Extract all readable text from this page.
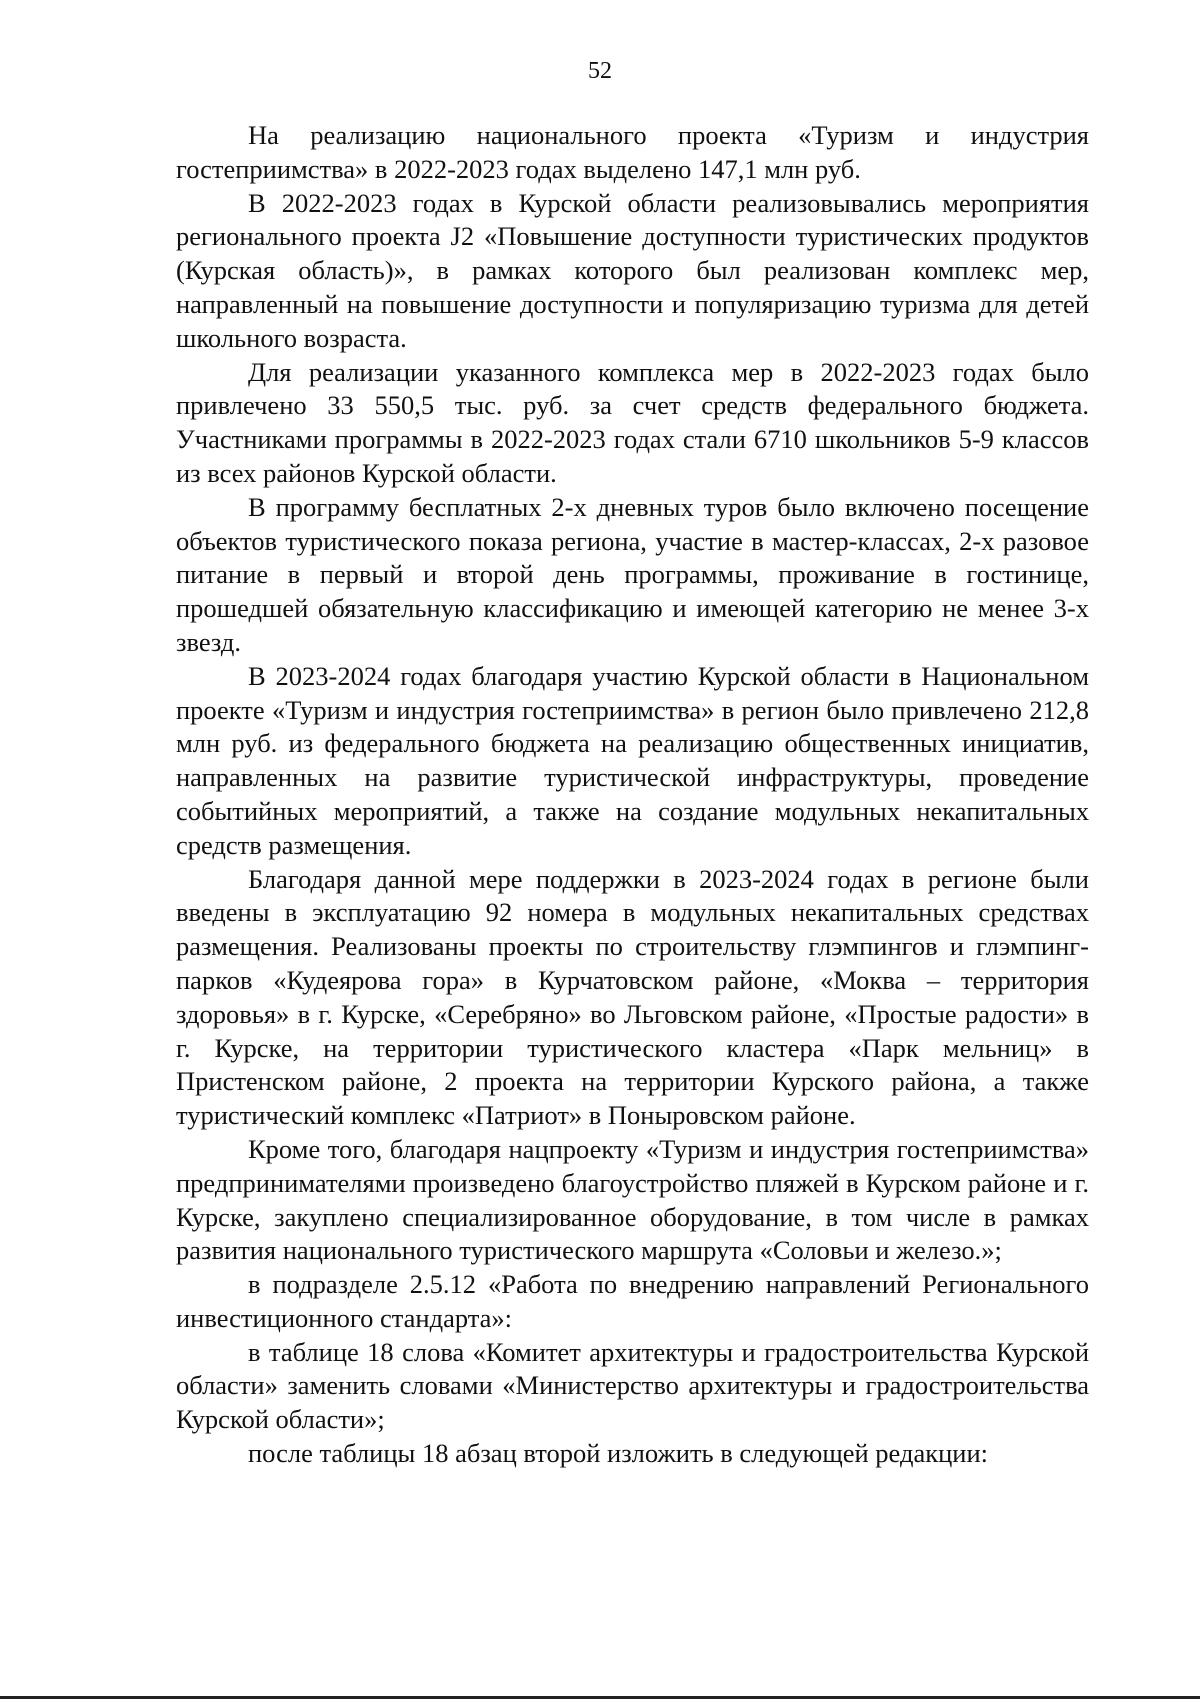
52

На реализацию национального проекта «Туризм и индустрия гостеприимства» в 2022-2023 годах выделено 147,1 млн руб.

В 2022-2023 годах в Курской области реализовывались мероприятия регионального проекта J2 «Повышение доступности туристических продуктов (Курская область)», в рамках которого был реализован комплекс мер, направленный на повышение доступности и популяризацию туризма для детей школьного возраста.

Для реализации указанного комплекса мер в 2022-2023 годах было привлечено 33 550,5 тыс. руб. за счет средств федерального бюджета. Участниками программы в 2022-2023 годах стали 6710 школьников 5-9 классов из всех районов Курской области.

В программу бесплатных 2-х дневных туров было включено посещение объектов туристического показа региона, участие в мастер-классах, 2-х разовое питание в первый и второй день программы, проживание в гостинице, прошедшей обязательную классификацию и имеющей категорию не менее 3-х звезд.

В 2023-2024 годах благодаря участию Курской области в Национальном проекте «Туризм и индустрия гостеприимства» в регион было привлечено 212,8 млн руб. из федерального бюджета на реализацию общественных инициатив, направленных на развитие туристической инфраструктуры, проведение событийных мероприятий, а также на создание модульных некапитальных средств размещения.

Благодаря данной мере поддержки в 2023-2024 годах в регионе были введены в эксплуатацию 92 номера в модульных некапитальных средствах размещения. Реализованы проекты по строительству глэмпингов и глэмпинг-парков «Кудеярова гора» в Курчатовском районе, «Моква – территория здоровья» в г. Курске, «Серебряно» во Льговском районе, «Простые радости» в г. Курске, на территории туристического кластера «Парк мельниц» в Пристенском районе, 2 проекта на территории Курского района, а также туристический комплекс «Патриот» в Поныровском районе.

Кроме того, благодаря нацпроекту «Туризм и индустрия гостеприимства» предпринимателями произведено благоустройство пляжей в Курском районе и г. Курске, закуплено специализированное оборудование, в том числе в рамках развития национального туристического маршрута «Соловьи и железо.»;

в подразделе 2.5.12 «Работа по внедрению направлений Регионального инвестиционного стандарта»:

в таблице 18 слова «Комитет архитектуры и градостроительства Курской области» заменить словами «Министерство архитектуры и градостроительства Курской области»;

после таблицы 18 абзац второй изложить в следующей редакции:
